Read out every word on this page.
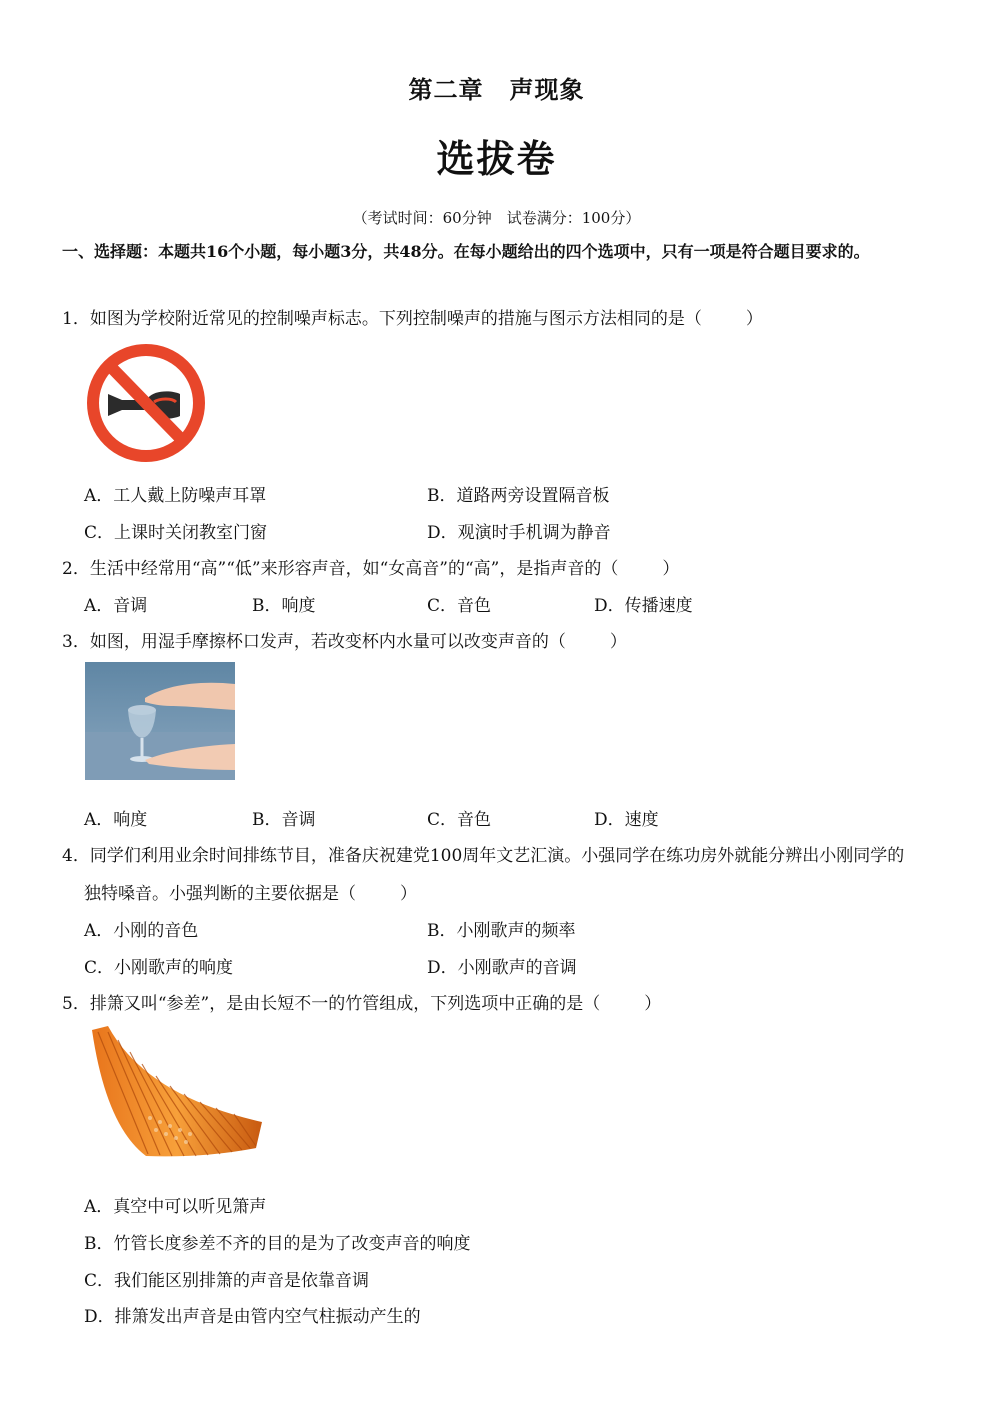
第二章 声现象
选拔卷
（考试时间：60分钟　试卷满分：100分）
一、选择题：本题共16个小题，每小题3分，共48分。在每小题给出的四个选项中，只有一项是符合题目要求的。
1．如图为学校附近常见的控制噪声标志。下列控制噪声的措施与图示方法相同的是（	）
A．工人戴上防噪声耳罩	B．道路两旁设置隔音板
C．上课时关闭教室门窗	D．观演时手机调为静音
2．生活中经常用“高”“低”来形容声音，如“女高音”的“高”，是指声音的（	）
A．音调	B．响度	C．音色	D．传播速度
3．如图，用湿手摩擦杯口发声，若改变杯内水量可以改变声音的（	）
A．响度	B．音调	C．音色	D．速度
4．同学们利用业余时间排练节目，准备庆祝建党100周年文艺汇演。小强同学在练功房外就能分辨出小刚同学的
独特嗓音。小强判断的主要依据是（	）
A．小刚的音色	B．小刚歌声的频率
C．小刚歌声的响度	D．小刚歌声的音调
5．排箫又叫“参差”，是由长短不一的竹管组成，下列选项中正确的是（	）
A．真空中可以听见箫声
B．竹管长度参差不齐的目的是为了改变声音的响度
C．我们能区别排箫的声音是依靠音调
D．排箫发出声音是由管内空气柱振动产生的
